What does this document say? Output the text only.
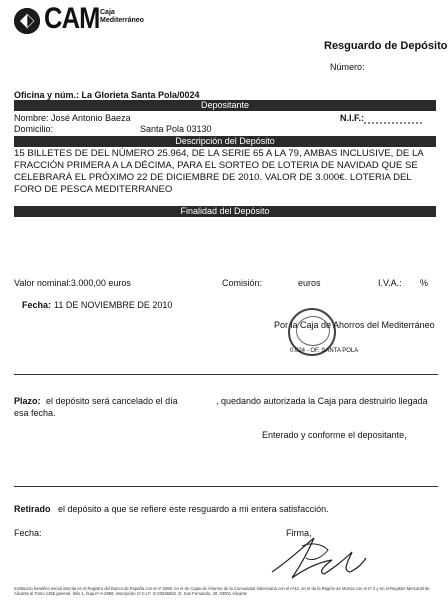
CAM Caja
Mediterráneo
Resguardo de Depósito
Número:
Oficina y núm.: La Glorieta Santa Pola/0024
Depositante
Nombre: José Antonio Baeza	N.I.F.:
Domicilio:	Santa Pola 03130
Descripción del Depósito
15 BILLETES DE DEL NÚMERO 25.964, DE LA SERIE 65 A LA 79, AMBAS INCLUSIVE, DE LA FRACCIÓN PRIMERA A LA DÉCIMA, PARA EL SORTEO DE LOTERIA DE NAVIDAD QUE SE CELEBRARÁ EL PRÓXIMO 22 DE DICIEMBRE DE 2010. VALOR DE 3.000€. LOTERIA DEL FORO DE PESCA MEDITERRANEO
Finalidad del Depósito
Valor nominal:3.000,00 euros	Comisión:	euros	I.V.A.: %
Fecha: 11 DE NOVIEMBRE DE 2010
Por la Caja de Ahorros del Mediterráneo
0.024 - OF. SANTA POLA
Plazo: el depósito será cancelado el día	, quedando autorizada la Caja para destruirlo llegada
esa fecha.
Enterado y conforme el depositante,
Retirado el depósito a que se refiere este resguardo a mi entera satisfacción.
Fecha:	Firma,
Institución benéfico social inscrita en el Registro del Banco de España con el nº 2090, en el de Cajas de Ahorros de la Comunidad Valenciana con el nº12, en el de la Región de Murcia con el nº 2 y en el Registro Mercantil de Alicante al Tomo 1356 general, folio 1, hoja nº A-2856, inscripción 1ª C.I.F. G-03046562. D. San Fernando, 40. 03001 Alicante
